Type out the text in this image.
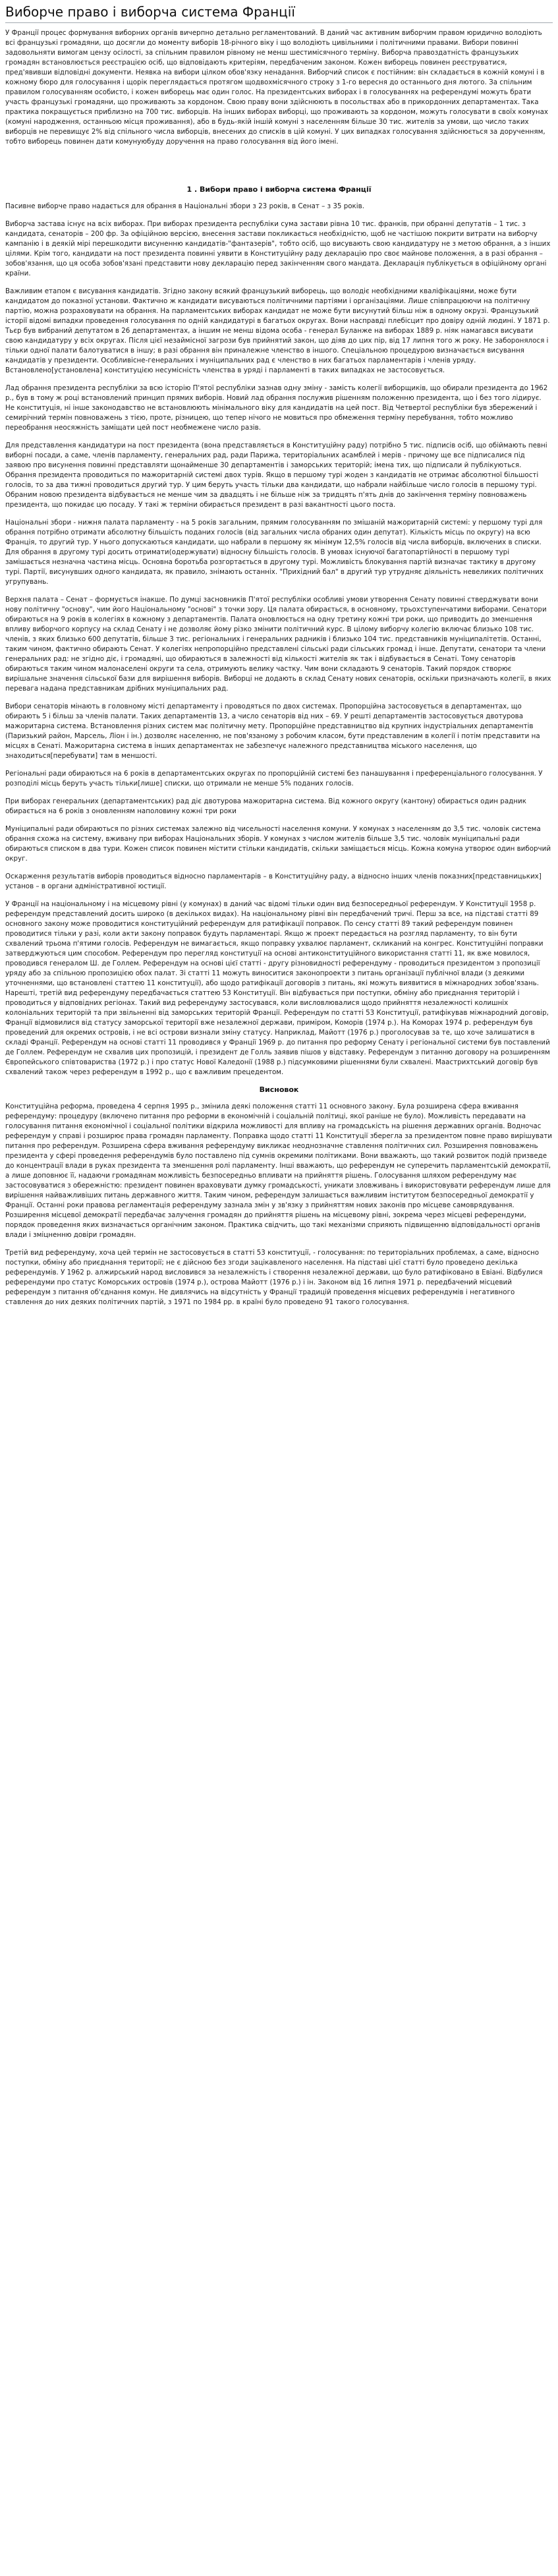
Виборче право і виборча система Франції

У Франції процес формування виборних органів вичерпно детально регламентований. В даний час активним виборчим правом юридично володіють всі французькі громадяни, що досягли до моменту виборів 18-річного віку і що володіють цивільними і політичними правами. Вибори повинні задовольняти вимогам цензу осілості, за спільним правилом рівному не менш шестимісячного терміну. Виборча правоздатність французьких громадян встановлюється реєстрацією осіб, що відповідають критеріям, передбаченим законом. Кожен виборець повинен реєструватися, пред'явивши відповідні документи. Неявка на вибори цілком обов'язку ненадання. Виборчий список є постійним: він складається в кожній комуні і в кожному бюро для голосування і щорік переглядається протягом щодвохмісячного строку з 1-го вересня до останнього дня лютого. За спільним правилом голосуванням особисто, і кожен виборець має один голос. На президентських виборах і в голосуваннях на референдумі можуть брати участь французькі громадяни, що проживають за кордоном. Свою праву вони здійснюють в посольствах або в прикордонних департаментах. Така практика покращується приблизно на 700 тис. виборців. На інших виборах виборці, що проживають за кордоном, можуть голосувати в своїх комунах (комуні народження, останньою місця проживання), або в будь-якій іншій комуні з населенням більше 30 тис. жителів за умови, що число таких виборців не перевищує 2% від спільного числа виборців, внесених до списків в цій комуні. У цих випадках голосування здійснюється за дорученням, тобто виборець повинен дати комунуюбуду доручення на право голосування від його імені.

1 . Вибори право і виборча система Франції

Пасивне виборче право надається для обрання в Національні збори з 23 років, в Сенат – з 35 років.

Виборча застава існує на всіх виборах. При виборах президента республіки сума застави рівна 10 тис. франків, при обранні депутатів – 1 тис. з кандидата, сенаторів – 200 фр. За офіційною версією, внесення застави покликається необхідністю, щоб не частішою покрити витрати на виборчу кампанію і в деякій мірі перешкодити висуненню кандидатів-"фантазерів", тобто осіб, що висувають свою кандидатуру не з метою обрання, а з інших цілями. Крім того, кандидати на пост президента повинні уявити в Конституційну раду декларацію про своє майнове положення, а в разі обрання – зобов'язання, що ця особа зобов'язані представити нову декларацію перед закінченням свого мандата. Декларація публікується в офіційному органі країни.

Важливим етапом є висування кандидатів. Згідно закону всякий французький виборець, що володіє необхідними кваліфікаціями, може бути кандидатом до показної установи. Фактично ж кандидати висуваються політичними партіями і організаціями. Лише співпрацюючи на політичну партію, можна розраховувати на обрання. На парламентських виборах кандидат не може бути висунутий більш ніж в одному окрузі. Французький історії відомі випадки проведення голосування по одній кандидатурі в багатьох округах. Вони насправді плебісцит про довіру одній людині. У 1871 р. Тьєр був вибраний депутатом в 26 департаментах, а іншим не менш відома особа - генерал Буланже на виборах 1889 р. ніяк намагався висувати свою кандидатуру у всіх округах. Після цієї незаймісної загрози був прийнятий закон, що діяв до цих пір, від 17 липня того ж року. Не заборонялося і тільки одної палати балотуватися в іншу; в разі обрання він приналежне членство в іншого. Спеціальною процедурою визначається висування кандидатів у президенти. Особливісне-генеральних і муніципальних рад є членство в них багатьох парламентарів і членів уряду. Встановлено[установлена] конституцією несумісність членства в уряді і парламенті в таких випадках не застосовується.

Лад обрання президента республіки за всю історію П'ятої республіки зазнав одну зміну - замість колегії виборщиків, що обирали президента до 1962 р., був в тому ж році встановлений принцип прямих виборів. Новий лад обрання послужив рішенням положенню президента, що і без того лідирує. Не конституція, ні інше законодавство не встановлюють мінімального віку для кандидатів на цей пост. Від Четвертої республіки був збережений і семирічний термін повноважень з тією, проте, різницею, що тепер нічого не мовиться про обмеження терміну перебування, тобто можливо переобрання неосяжність заміщати цей пост необмежене число разів.

Для представлення кандидатури на пост президента (вона представляється в Конституційну раду) потрібно 5 тис. підписів осіб, що обіймають певні виборні посади, а саме, членів парламенту, генеральних рад, ради Парижа, територіальних асамблей і мерів - причому ще все підписалися під заявою про висунення повинні представляти щонайменше 30 департаментів і заморських територій; імена тих, що підписали й публікуються. Обрання президента проводиться по мажоритарній системі двох турів. Якщо в першому турі жоден з кандидатів не отримає абсолютної більшості голосів, то за два тижні проводиться другий тур. У цим беруть участь тільки два кандидати, що набрали найбільше число голосів в першому турі. Обраним новою президента відбувається не менше чим за двадцять і не більше ніж за тридцять п'ять днів до закінчення терміну повноважень президента, що покидає цю посаду. У такі ж терміни обирається президент в разі вакантності цього поста.

Національні збори - нижня палата парламенту - на 5 років загальним, прямим голосуванням по змішаній мажоритарній системі: у першому турі для обрання потрібно отримати абсолютну більшість поданих голосів (від загальних числа обраних один депутат). Кількість місць по округу) на всю Франція, то другий тур. У нього допускаються кандидати, що набрали в першому як мінімум 12,5% голосів від числа виборців, включених в списки. Для обрання в другому турі досить отримати(одержувати) відносну більшість голосів. В умовах існуючої багатопартійності в першому турі замішається незначна частина місць. Основна боротьба розгортається в другому турі. Можливість блокування партій визначає тактику в другому турі. Партії, висунувших одного кандидата, як правило, знімають останніх. "Прихідний бал" в другий тур утрудняє діяльність невеликих політичних угрупувань.

Верхня палата – Сенат – формується інакше. По думці засновників П'ятої республіки особливі умови утворення Сенату повинні стверджувати вони нову політичну "основу", чим його Національному "основі" з точки зору. Ця палата обирається, в основному, трьохступенчатими виборами. Сенатори обираються на 9 років в колегіях в кожному з департаментів. Палата оновлюється на одну третину кожні три роки, що приводить до зменшення впливу виборчого корпусу на склад Сенату і не дозволяє йому різко змінити політичний курс. В цілому виборчу колегію включає близько 108 тис. членів, з яких близько 600 депутатів, більше 3 тис. регіональних і генеральних радників і близько 104 тис. представників муніципалітетів. Останні, таким чином, фактично обирають Сенат. У колегіях непропорційно представлені сільські ради сільських громад і інше. Депутати, сенатори та члени генеральних рад: не згідно діє, і громадяні, що обираються в залежності від кількості жителів як так і відбувається в Сенаті. Тому сенаторів обираються таким чином малонаселені округи та села, отримують велику частку. Чим вони складають 9 сенаторів. Такий порядок створює вирішальне значення сільської бази для вирішення виборів. Виборці не додають в склад Сенату нових сенаторів, оскільки призначають колегії, в яких перевага надана представникам дрібних муніципальних рад.

Вибори сенаторів мінають в головному місті департаменту і проводяться по двох системах. Пропорційна застосовується в департаментах, що обирають 5 і більш за членів палати. Таких департаментів 13, а число сенаторів від них – 69. У решті департаментів застосовується двотурова мажоритарна система. Встановлення різних систем має політичну мету. Пропорційне представництво від крупних індустріальних департаментів (Паризький район, Марсель, Ліон і ін.) дозволяє населенню, не пов'язаному з робочим класом, бути представленим в колегії і потім представити на місцях в Сенаті. Мажоритарна система в інших департаментах не забезпечує належного представництва міського населення, що знаходиться[перебувати] там в меншості.

Регіональні ради обираються на 6 років в департаментських округах по пропорційній системі без панашування і преференціального голосування. У розподілі місць беруть участь тільки[лише] списки, що отримали не менше 5% поданих голосів.

При виборах генеральних (департаментських) рад діє двотурова мажоритарна система. Від кожного округу (кантону) обирається один радник обирається на 6 років з оновленням наполовину кожні три роки

Муніципальні ради обираються по різних системах залежно від чисельності населення комуни. У комунах з населенням до 3,5 тис. чоловік система обрання схожа на систему, вживану при виборах Національних зборів. У комунах з числом жителів більше 3,5 тис. чоловік муніципальні ради обираються списком в два тури. Кожен список повинен містити стільки кандидатів, скільки заміщається місць. Кожна комуна утворює один виборчий округ.

Оскарження результатів виборів проводиться відносно парламентарів – в Конституційну раду, а відносно інших членів показних[представницьких] установ – в органи адміністративної юстиції.

У Франції на національному і на місцевому рівні (у комунах) в даний час відомі тільки один вид безпосередньої референдум. У Конституції 1958 р. референдум представлений досить широко (в декількох видах). На національному рівні він передбачений тричі. Перш за все, на підставі статті 89 основного закону може проводитися конституційний референдум для ратифікації поправок. По сенсу статті 89 такий референдум повинен проводитися тільки у разі, коли акти закону поправок будуть парламентарі. Якщо ж проект передається на розгляд парламенту, то він бути схвалений трьома п'ятими голосів. Референдум не вимагається, якщо поправку ухвалює парламент, скликаний на конгрес. Конституційні поправки затверджуються цим способом. Референдум про перегляд конституції на основі антиконституційного використання статті 11, як вже мовилося, проводився генералом Ш. де Голлем. Референдум на основі цієї статті - другу різновидності референдуму - проводиться президентом з пропозиції уряду або за спільною пропозицією обох палат. Зі статті 11 можуть виноситися законопроекти з питань організації публічної влади (з деякими уточненнями, що встановлені статтею 11 конституції), або щодо ратифікації договорів з питань, які можуть виявитися в міжнародних зобов'язань. Нарешті, третій вид референдуму передбачається статтею 53 Конституції. Він відбувається при поступки, обміну або приєднання територій і проводиться у відповідних регіонах. Такий вид референдуму застосувався, коли висловлювалися щодо прийняття незалежності колишніх колоніальних територій та при звільненні від заморських територій Франції. Референдум по статті 53 Конституції, ратифікував міжнародний договір, Франції відмовилися від статусу заморської території вже незалежної держави, приміром, Коморів (1974 р.). На Коморах 1974 р. референдум був проведений для окремих островів, і не всі острови визнали зміну статусу. Наприклад, Майотт (1976 р.) проголосував за те, що хоче залишатися в складі Франції. Референдум на основі статті 11 проводився у Франції 1969 р. до питання про реформу Сенату і регіональної системи був поставлений де Голлем. Референдум не схвалив цих пропозицій, і президент де Голль заявив пішов у відставку. Референдум з питанню договору на розширенням Європейського співтовариства (1972 р.) і про статус Нової Каледонії (1988 р.) підсумковими рішеннями були схвалені. Маастрихтський договір був схвалений також через референдум в 1992 р., що є важливим прецедентом.

Висновок

Конституційна реформа, проведена 4 серпня 1995 р., змінила деякі положення статті 11 основного закону. Була розширена сфера вживання референдуму: процедуру (включено питання про реформи в економічній і соціальній політиці, якої раніше не було). Можливість передавати на голосування питання економічної і соціальної політики відкрила можливості для впливу на громадськість на рішення державних органів. Водночас референдум у справі і розширює права громадян парламенту. Поправка щодо статті 11 Конституції зберегла за президентом повне право вирішувати питання про референдум. Розширена сфера вживання референдуму викликає неоднозначне ставлення політичних сил. Розширення повноважень президента у сфері проведення референдумів було поставлено під сумнів окремими політиками. Вони вважають, що такий розвиток подій призведе до концентрації влади в руках президента та зменшення ролі парламенту. Інші вважають, що референдум не суперечить парламентській демократії, а лише доповнює її, надаючи громадянам можливість безпосередньо впливати на прийняття рішень. Голосування шляхом референдуму має застосовуватися з обережністю: президент повинен враховувати думку громадськості, уникати зловживань і використовувати референдум лише для вирішення найважливіших питань державного життя. Таким чином, референдум залишається важливим інститутом безпосередньої демократії у Франції. Останні роки правова регламентація референдуму зазнала змін у зв'язку з прийняттям нових законів про місцеве самоврядування. Розширення місцевої демократії передбачає залучення громадян до прийняття рішень на місцевому рівні, зокрема через місцеві референдуми, порядок проведення яких визначається органічним законом. Практика свідчить, що такі механізми сприяють підвищенню відповідальності органів влади і зміцненню довіри громадян.

Третій вид референдуму, хоча цей термін не застосовується в статті 53 конституції, - голосування: по територіальних проблемах, а саме, відносно поступки, обміну або приєднання території; не є дійсною без згоди зацікавленого населення. На підставі цієї статті було проведено декілька референдумів. У 1962 р. алжирський народ висловився за незалежність і створення незалежної держави, що було ратифіковано в Евіані. Відбулися референдуми про статус Коморських островів (1974 р.), острова Майотт (1976 р.) і ін. Законом від 16 липня 1971 р. передбачений місцевий референдум з питання об'єднання комун. Не дивлячись на відсутність у Франції традицій проведення місцевих референдумів і негативного ставлення до них деяких політичних партій, з 1971 по 1984 рр. в країні було проведено 91 такого голосування.
